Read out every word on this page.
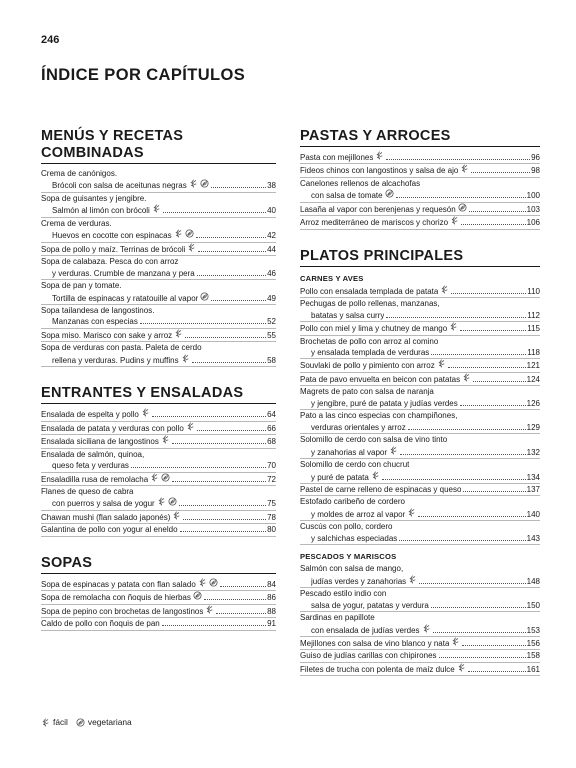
246
ÍNDICE POR CAPÍTULOS
MENÚS Y RECETAS COMBINADAS
Crema de canónigos.
Brócoli con salsa de aceitunas negras	38
Sopa de guisantes y jengibre.
Salmón al limón con brócoli	40
Crema de verduras.
Huevos en cocotte con espinacas	42
Sopa de pollo y maíz. Terrinas de brócoli	44
Sopa de calabaza. Pesca do con arroz
y verduras. Crumble de manzana y pera	46
Sopa de pan y tomate.
Tortilla de espinacas y ratatouille al vapor	49
Sopa tailandesa de langostinos.
Manzanas con especias	52
Sopa miso. Marisco con sake y arroz	55
Sopa de verduras con pasta. Paleta de cerdo
rellena y verduras. Pudins y muffins	58
ENTRANTES Y ENSALADAS
Ensalada de espelta y pollo	64
Ensalada de patata y verduras con pollo	66
Ensalada siciliana de langostinos	68
Ensalada de salmón, quinoa,
queso feta y verduras	70
Ensaladilla rusa de remolacha	72
Flanes de queso de cabra
con puerros y salsa de yogur	75
Chawan mushi (flan salado japonés)	78
Galantina de pollo con yogur al eneldo	80
SOPAS
Sopa de espinacas y patata con flan salado	84
Sopa de remolacha con ñoquis de hierbas	86
Sopa de pepino con brochetas de langostinos	88
Caldo de pollo con ñoquis de pan	91
PASTAS Y ARROCES
Pasta con mejillones	96
Fideos chinos con langostinos y salsa de ajo	98
Canelones rellenos de alcachofas
con salsa de tomate	100
Lasaña al vapor con berenjenas y requesón	103
Arroz mediterráneo de mariscos y chorizo	106
PLATOS PRINCIPALES
CARNES Y AVES
Pollo con ensalada templada de patata	110
Pechugas de pollo rellenas, manzanas,
batatas y salsa curry	112
Pollo con miel y lima y chutney de mango	115
Brochetas de pollo con arroz al comino
y ensalada templada de verduras	118
Souvlaki de pollo y pimiento con arroz	121
Pata de pavo envuelta en beicon con patatas	124
Magrets de pato con salsa de naranja
y jengibre, puré de patata y judías verdes	126
Pato a las cinco especias con champiñones,
verduras orientales y arroz	129
Solomillo de cerdo con salsa de vino tinto
y zanahorias al vapor	132
Solomillo de cerdo con chucrut
y puré de patata	134
Pastel de carne relleno de espinacas y queso	137
Estofado caribeño de cordero
y moldes de arroz al vapor	140
Cuscús con pollo, cordero
y salchichas especiadas	143
PESCADOS Y MARISCOS
Salmón con salsa de mango,
judías verdes y zanahorias	148
Pescado estilo indio con
salsa de yogur, patatas y verdura	150
Sardinas en papillote
con ensalada de judías verdes	153
Mejillones con salsa de vino blanco y nata	156
Guiso de judías carillas con chipirones	158
Filetes de trucha con polenta de maíz dulce	161
fácil vegetariana
